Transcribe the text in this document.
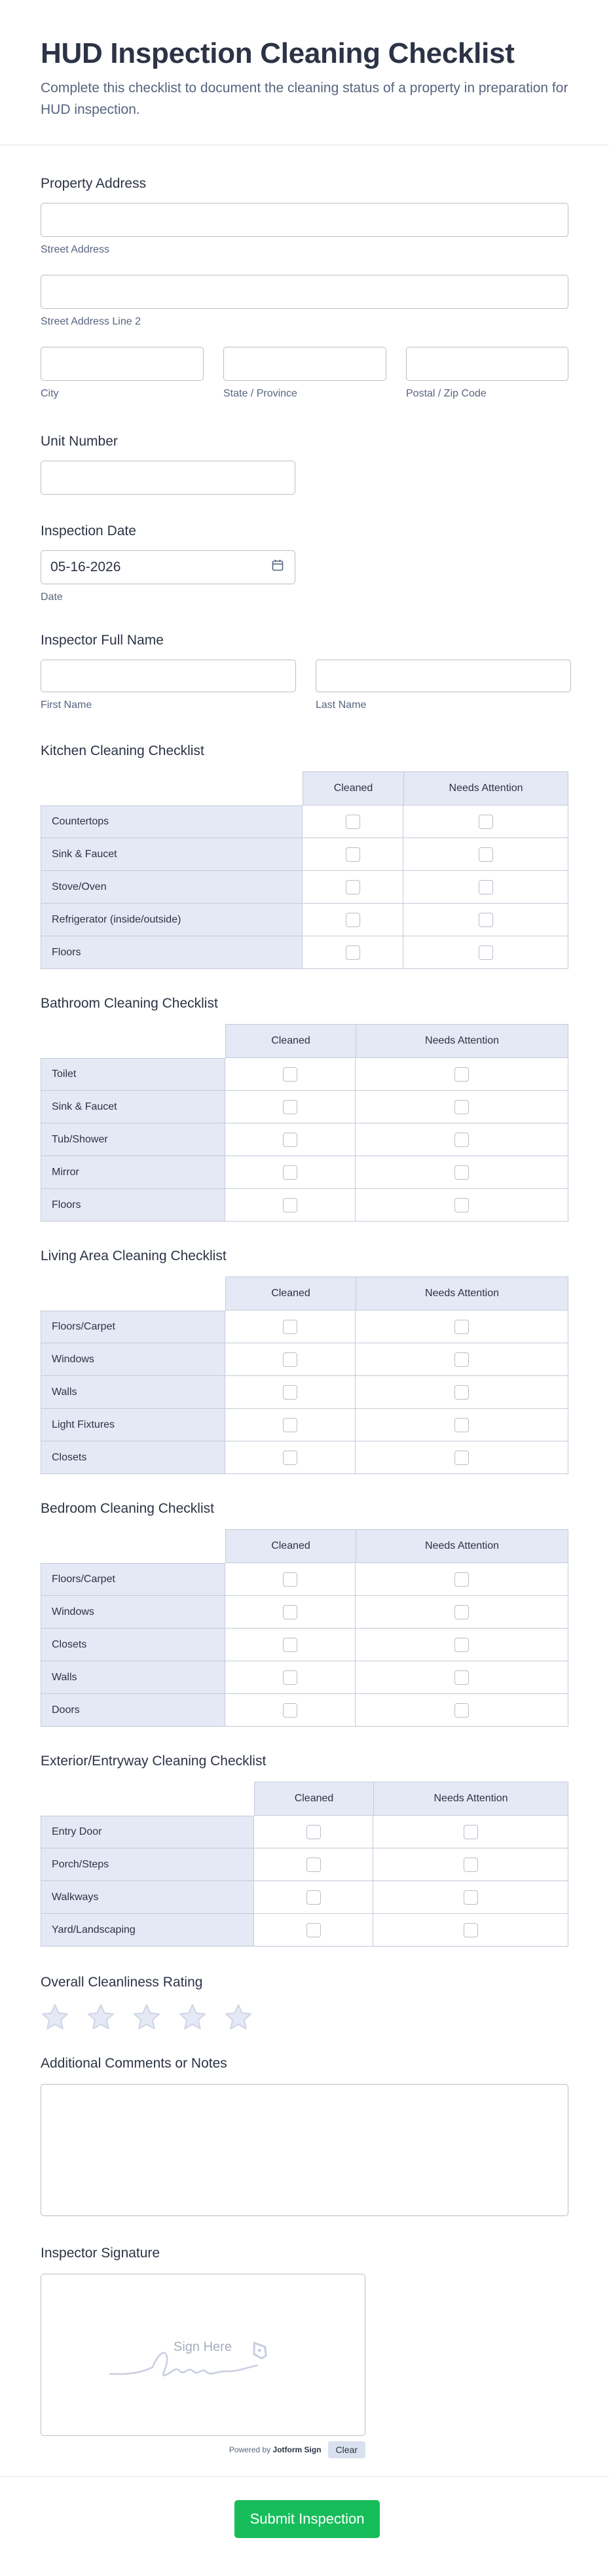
HUD Inspection Cleaning Checklist

Complete this checklist to document the cleaning status of a property in preparation for HUD inspection.

Property Address
Street Address
Street Address Line 2
City	State / Province	Postal / Zip Code
Unit Number
Inspection Date
05-16-2026
Date
Inspector Full Name
First Name	Last Name
Kitchen Cleaning Checklist
	Cleaned	Needs Attention
Countertops		
Sink & Faucet		
Stove/Oven		
Refrigerator (inside/outside)		
Floors		
Bathroom Cleaning Checklist
	Cleaned	Needs Attention
Toilet		
Sink & Faucet		
Tub/Shower		
Mirror		
Floors		
Living Area Cleaning Checklist
	Cleaned	Needs Attention
Floors/Carpet		
Windows		
Walls		
Light Fixtures		
Closets		
Bedroom Cleaning Checklist
	Cleaned	Needs Attention
Floors/Carpet		
Windows		
Closets		
Walls		
Doors		
Exterior/Entryway Cleaning Checklist
	Cleaned	Needs Attention
Entry Door		
Porch/Steps		
Walkways		
Yard/Landscaping		
Overall Cleanliness Rating
Additional Comments or Notes
Inspector Signature
Sign Here
Powered by Jotform Sign	Clear
Submit Inspection
